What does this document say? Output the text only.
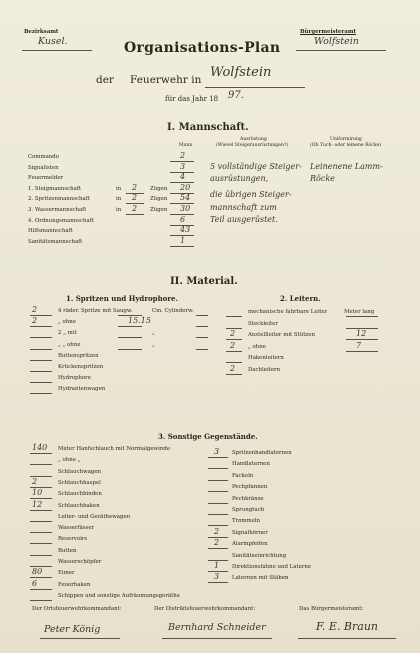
Bezirksamt
Kusel.
Bürgermeisteramt
Wolfstein
Organisations-Plan
der Feuerwehr in Wolfstein
für das Jahr 18 97.
I. Mannschaft.
Mann
Ausrüstung
(Wievel Steigerausrüstungen?)
Uniformirung
(Ob Tuch- oder leinene Röcke)
Commando	2
Signalisten	3
Feuermelder	4
1. Steigmannschaft	in 2 Zügen 20
2. Spritzenmannschaft	in 2 Zügen 54
3. Wassermannschaft	in 2 Zügen 30
4. Ordnungsmannschaft	6
Hilfsmannschaft	43
Sanitätsmannschaft	1
5 vollständige Steiger-
ausrüstungen,
die übrigen Steiger-
mannschaft zum
Teil ausgerüstet.
Leinenene Lamm-
Röcke
II. Material.
1. Spritzen und Hydrophore.	2. Leitern.
2	4 räder. Spritze mit Saugw.	Cm. Cylinderw.
2	„ ohne	15.15
2 „ mit	„
„ „ ohne	„
Buttenspritzen
Krückenspritzen
Hydrophore
Hydrantenwagen
mechanische fahrbare Leiter	Meter lang
Steckleiter
2 Anstellleiter mit Stützen	12
2 „ ohne	7
Hakenleitern
2 Dachleitern
3. Sonstige Gegenstände.
140 Meter Hanfschlauch mit Normalgewinde
„ ohne „
Schlauchwagen
2	Schlauchhaspel
10	Schlauchbinden
12	Schlauchhaken
Leiter- und Geräthewagen
Wasserfässer
Reservoirs
Butten
Wasserschöpfer
80	Eimer
6	Feuerhaken
Schippen und sonstige Aufräumungsgeräthe
3 Spritzenhandlaternen
Handlaternen
Fackeln
Pechpfannen
Pechkränze
Sprungtuch
Trommeln
2 Signalhörner
2 Alarmpfeifen
Sanitätseinrichtung
1 Direktionsfahne und Laterne
3 Laternen mit Stäben
Der Ortsfeuerwehrkommandant:	Der Distriktsfeuerwehrkommandant:	Das Bürgermeisteramt:
Peter König	Bernhard Schneider	F. E. Braun
